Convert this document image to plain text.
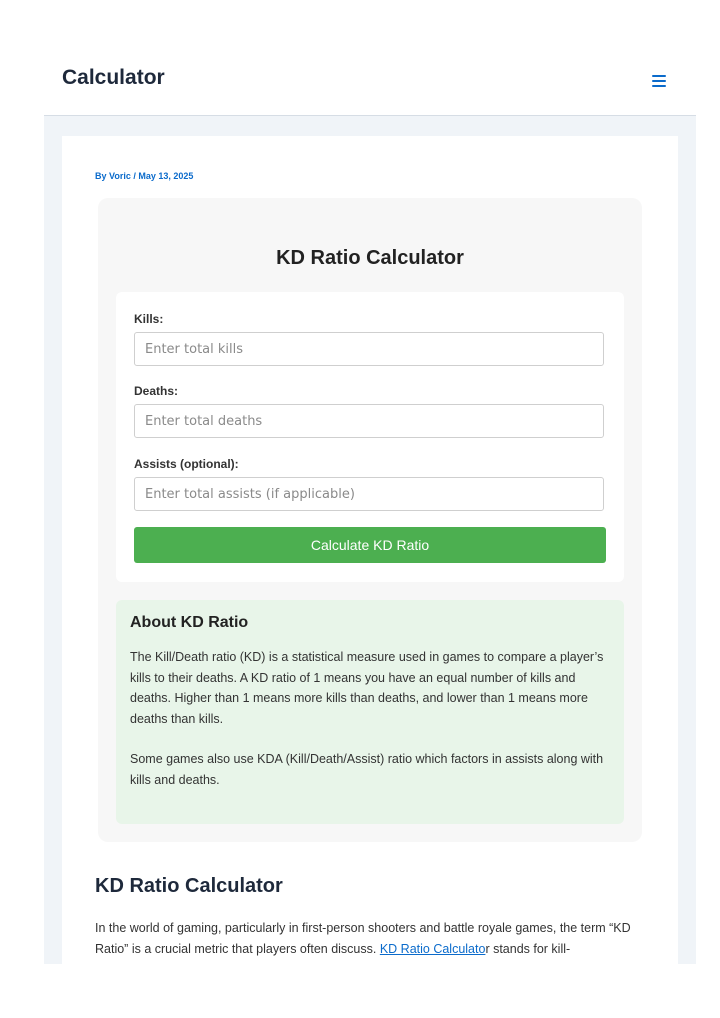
Calculator
By Voric / May 13, 2025
KD Ratio Calculator
Kills:
Enter total kills
Deaths:
Enter total deaths
Assists (optional):
Enter total assists (if applicable)
Calculate KD Ratio
About KD Ratio

The Kill/Death ratio (KD) is a statistical measure used in games to compare a player’s kills to their deaths. A KD ratio of 1 means you have an equal number of kills and deaths. Higher than 1 means more kills than deaths, and lower than 1 means more deaths than kills.

Some games also use KDA (Kill/Death/Assist) ratio which factors in assists along with kills and deaths.

KD Ratio Calculator

In the world of gaming, particularly in first-person shooters and battle royale games, the term “KD Ratio” is a crucial metric that players often discuss. KD Ratio Calculator stands for kill-
